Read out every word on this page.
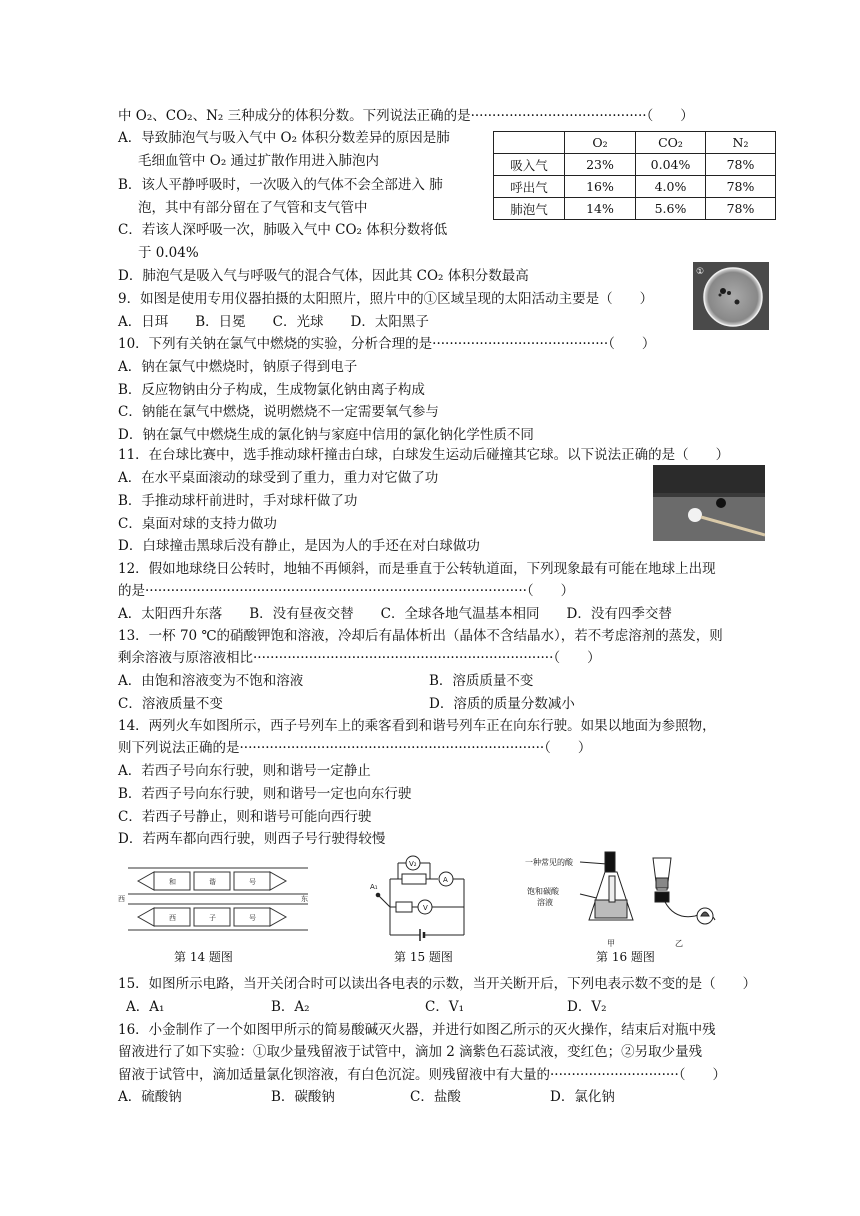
中 O₂、CO₂、N₂ 三种成分的体积分数。下列说法正确的是·········································（　　）
A．导致肺泡气与吸入气中 O₂ 体积分数差异的原因是肺
毛细血管中 O₂ 通过扩散作用进入肺泡内
B．该人平静呼吸时，一次吸入的气体不会全部进入 肺
泡，其中有部分留在了气管和支气管中
C．若该人深呼吸一次，肺吸入气中 CO₂ 体积分数将低
于 0.04%
D．肺泡气是吸入气与呼吸气的混合气体，因此其 CO₂ 体积分数最高
	O₂	CO₂	N₂
吸入气	23%	0.04%	78%
呼出气	16%	4.0%	78%
肺泡气	14%	5.6%	78%
①
9．如图是使用专用仪器拍摄的太阳照片，照片中的①区域呈现的太阳活动主要是（　　）
A．日珥　　B．日冕　　C．光球　　D．太阳黑子
10．下列有关钠在氯气中燃烧的实验，分析合理的是·········································（　　）
A．钠在氯气中燃烧时，钠原子得到电子
B．反应物钠由分子构成，生成物氯化钠由离子构成
C．钠能在氯气中燃烧，说明燃烧不一定需要氧气参与
D．钠在氯气中燃烧生成的氯化钠与家庭中信用的氯化钠化学性质不同
11．在台球比赛中，选手推动球杆撞击白球，白球发生运动后碰撞其它球。以下说法正确的是（　　）
A．在水平桌面滚动的球受到了重力，重力对它做了功
B．手推动球杆前进时，手对球杆做了功
C．桌面对球的支持力做功
D．白球撞击黑球后没有静止，是因为人的手还在对白球做功
12．假如地球绕日公转时，地轴不再倾斜，而是垂直于公转轨道面，下列现象最有可能在地球上出现
的是·························································································（　　）
A．太阳西升东落　　B．没有昼夜交替　　C．全球各地气温基本相同　　D．没有四季交替
13．一杯 70 ℃的硝酸钾饱和溶液，冷却后有晶体析出（晶体不含结晶水），若不考虑溶剂的蒸发，则
剩余溶液与原溶液相比······································································（　　）
A．由饱和溶液变为不饱和溶液	B．溶质质量不变
C．溶液质量不变	D．溶质的质量分数减小
14．两列火车如图所示，西子号列车上的乘客看到和谐号列车正在向东行驶。如果以地面为参照物，
则下列说法正确的是·······································································（　　）
A．若西子号向东行驶，则和谐号一定静止
B．若西子号向东行驶，则和谐号一定也向东行驶
C．若西子号静止，则和谐号可能向西行驶
D．若两车都向西行驶，则西子号行驶得较慢
西	东
和	谐	号
西	子	号
V₂
A
V
A₁
一种常见的酸
饱和碳酸
溶液
甲	乙
第 14 题图	第 15 题图	第 16 题图
15．如图所示电路，当开关闭合时可以读出各电表的示数，当开关断开后，下列电表示数不变的是（　　）
A．A₁	B．A₂	C．V₁	D．V₂
16．小金制作了一个如图甲所示的简易酸碱灭火器，并进行如图乙所示的灭火操作，结束后对瓶中残
留液进行了如下实验：①取少量残留液于试管中，滴加 2 滴紫色石蕊试液，变红色；②另取少量残
留液于试管中，滴加适量氯化钡溶液，有白色沉淀。则残留液中有大量的······························（　　）
A．硫酸钠	B．碳酸钠	C．盐酸	D．氯化钠
